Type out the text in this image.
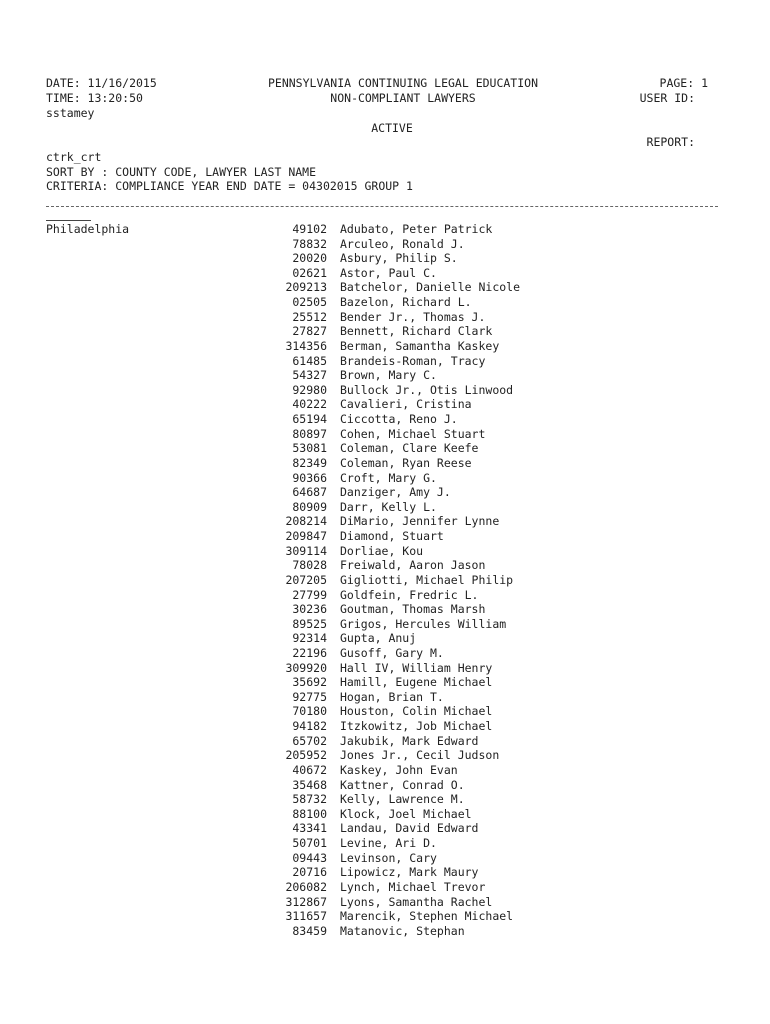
DATE: 11/16/2015
TIME: 13:20:50
sstamey
PENNSYLVANIA CONTINUING LEGAL EDUCATION
NON-COMPLIANT LAWYERS
ACTIVE
PAGE: 1
USER ID:
REPORT:
ctrk_crt
SORT BY : COUNTY CODE, LAWYER LAST NAME
CRITERIA: COMPLIANCE YEAR END DATE = 04302015 GROUP 1
Philadelphia	49102 Adubato, Peter Patrick
78832 Arculeo, Ronald J.
20020 Asbury, Philip S.
02621 Astor, Paul C.
209213 Batchelor, Danielle Nicole
02505 Bazelon, Richard L.
25512 Bender Jr., Thomas J.
27827 Bennett, Richard Clark
314356 Berman, Samantha Kaskey
61485 Brandeis-Roman, Tracy
54327 Brown, Mary C.
92980 Bullock Jr., Otis Linwood
40222 Cavalieri, Cristina
65194 Ciccotta, Reno J.
80897 Cohen, Michael Stuart
53081 Coleman, Clare Keefe
82349 Coleman, Ryan Reese
90366 Croft, Mary G.
64687 Danziger, Amy J.
80909 Darr, Kelly L.
208214 DiMario, Jennifer Lynne
209847 Diamond, Stuart
309114 Dorliae, Kou
78028 Freiwald, Aaron Jason
207205 Gigliotti, Michael Philip
27799 Goldfein, Fredric L.
30236 Goutman, Thomas Marsh
89525 Grigos, Hercules William
92314 Gupta, Anuj
22196 Gusoff, Gary M.
309920 Hall IV, William Henry
35692 Hamill, Eugene Michael
92775 Hogan, Brian T.
70180 Houston, Colin Michael
94182 Itzkowitz, Job Michael
65702 Jakubik, Mark Edward
205952 Jones Jr., Cecil Judson
40672 Kaskey, John Evan
35468 Kattner, Conrad O.
58732 Kelly, Lawrence M.
88100 Klock, Joel Michael
43341 Landau, David Edward
50701 Levine, Ari D.
09443 Levinson, Cary
20716 Lipowicz, Mark Maury
206082 Lynch, Michael Trevor
312867 Lyons, Samantha Rachel
311657 Marencik, Stephen Michael
83459 Matanovic, Stephan
